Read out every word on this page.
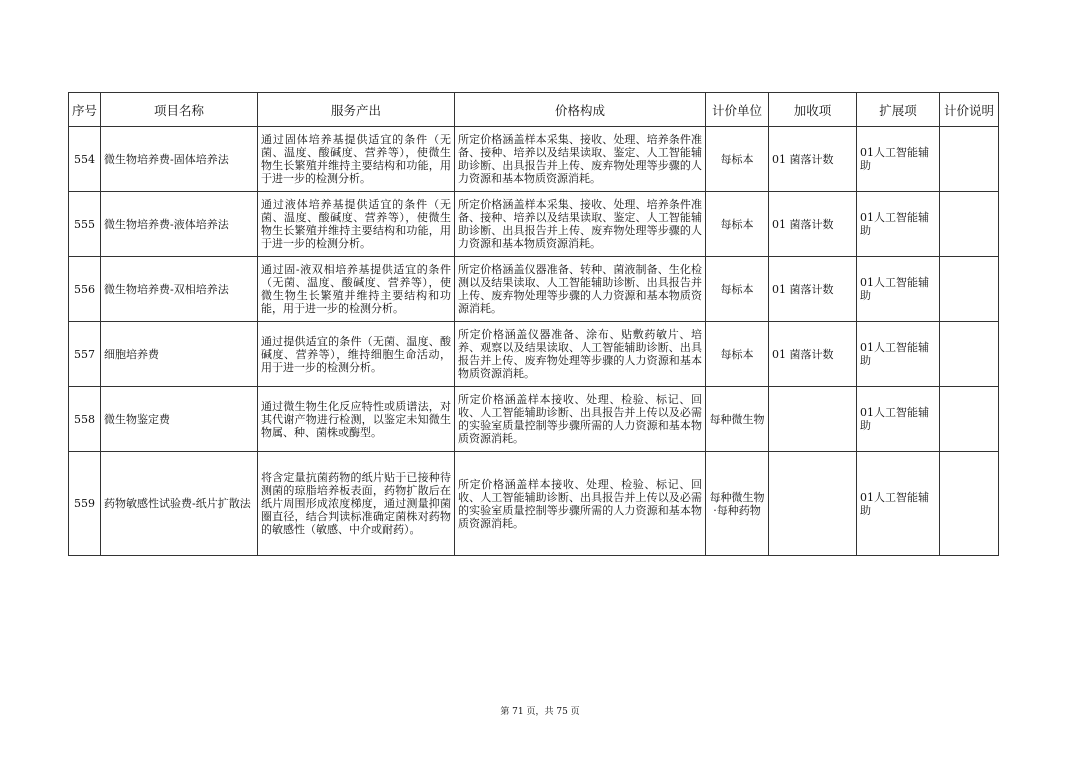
序号	项目名称	服务产出	价格构成	计价单位	加收项	扩展项	计价说明
554	微生物培养费-固体培养法	通过固体培养基提供适宜的条件（无菌、温度、酸碱度、营养等），使微生物生长繁殖并维持主要结构和功能，用于进一步的检测分析。	所定价格涵盖样本采集、接收、处理、培养条件准备、接种、培养以及结果读取、鉴定、人工智能辅助诊断、出具报告并上传、废弃物处理等步骤的人力资源和基本物质资源消耗。	每标本	01 菌落计数	01人工智能辅助	
555	微生物培养费-液体培养法	通过液体培养基提供适宜的条件（无菌、温度、酸碱度、营养等），使微生物生长繁殖并维持主要结构和功能，用于进一步的检测分析。	所定价格涵盖样本采集、接收、处理、培养条件准备、接种、培养以及结果读取、鉴定、人工智能辅助诊断、出具报告并上传、废弃物处理等步骤的人力资源和基本物质资源消耗。	每标本	01 菌落计数	01人工智能辅助	
556	微生物培养费-双相培养法	通过固-液双相培养基提供适宜的条件（无菌、温度、酸碱度、营养等），使微生物生长繁殖并维持主要结构和功能，用于进一步的检测分析。	所定价格涵盖仪器准备、转种、菌液制备、生化检测以及结果读取、人工智能辅助诊断、出具报告并上传、废弃物处理等步骤的人力资源和基本物质资源消耗。	每标本	01 菌落计数	01人工智能辅助	
557	细胞培养费	通过提供适宜的条件（无菌、温度、酸碱度、营养等），维持细胞生命活动，用于进一步的检测分析。	所定价格涵盖仪器准备、涂布、贴敷药敏片、培养、观察以及结果读取、人工智能辅助诊断、出具报告并上传、废弃物处理等步骤的人力资源和基本物质资源消耗。	每标本	01 菌落计数	01人工智能辅助	
558	微生物鉴定费	通过微生物生化反应特性或质谱法，对其代谢产物进行检测，以鉴定未知微生物属、种、菌株或酶型。	所定价格涵盖样本接收、处理、检验、标记、回收、人工智能辅助诊断、出具报告并上传以及必需的实验室质量控制等步骤所需的人力资源和基本物质资源消耗。	每种微生物		01人工智能辅助	
559	药物敏感性试验费-纸片扩散法	将含定量抗菌药物的纸片贴于已接种待测菌的琼脂培养板表面，药物扩散后在纸片周围形成浓度梯度，通过测量抑菌圈直径，结合判读标准确定菌株对药物的敏感性（敏感、中介或耐药）。	所定价格涵盖样本接收、处理、检验、标记、回收、人工智能辅助诊断、出具报告并上传以及必需的实验室质量控制等步骤所需的人力资源和基本物质资源消耗。	每种微生物·每种药物		01人工智能辅助	
第 71 页，共 75 页
